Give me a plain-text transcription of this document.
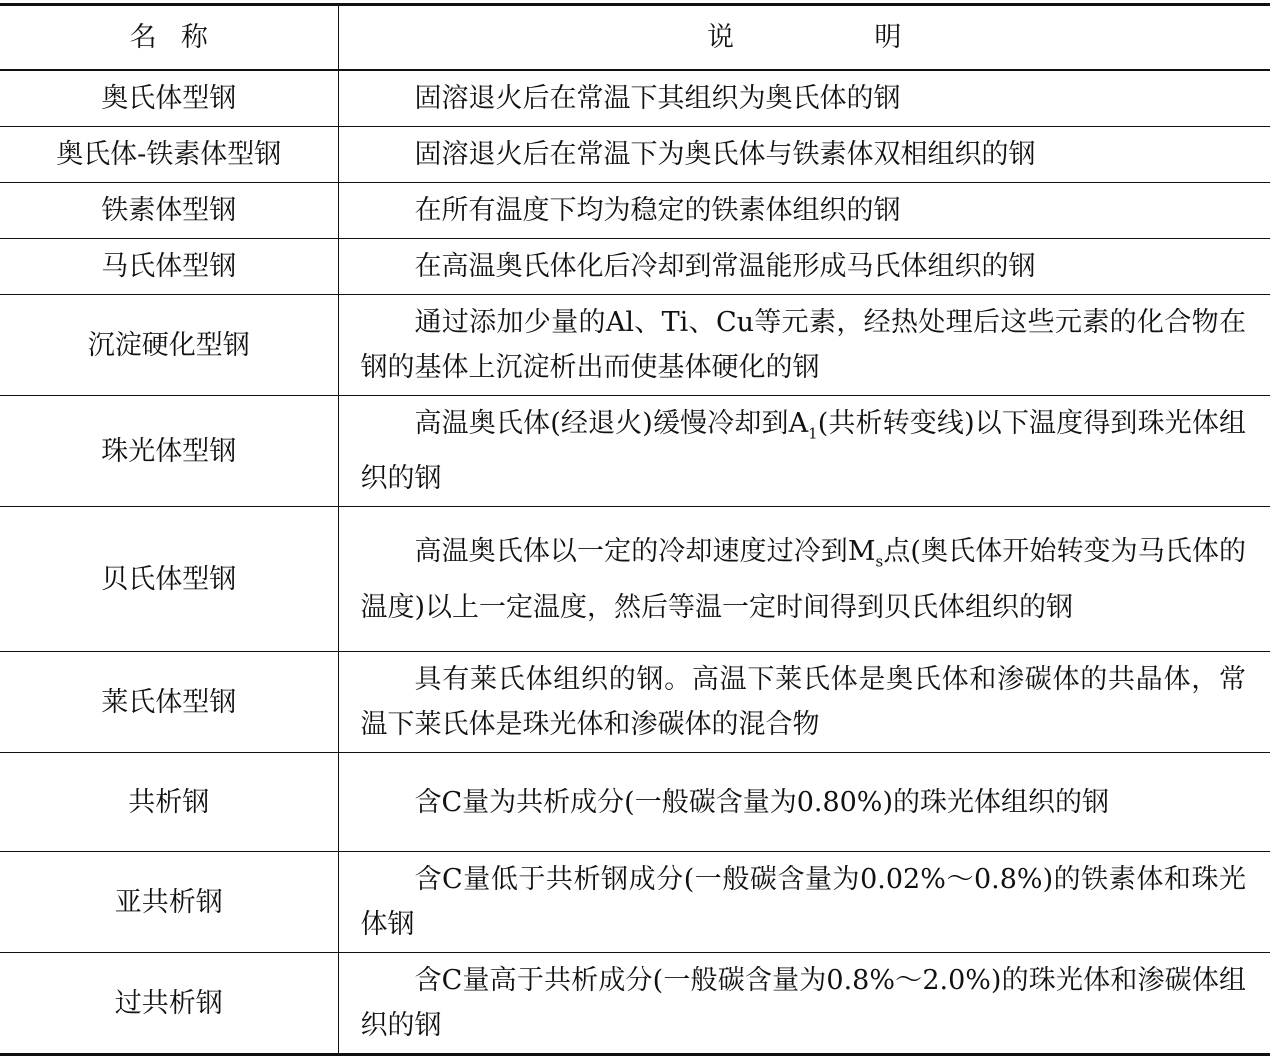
名称	说明
奥氏体型钢	固溶退火后在常温下其组织为奥氏体的钢
奥氏体-铁素体型钢	固溶退火后在常温下为奥氏体与铁素体双相组织的钢
铁素体型钢	在所有温度下均为稳定的铁素体组织的钢
马氏体型钢	在高温奥氏体化后冷却到常温能形成马氏体组织的钢
沉淀硬化型钢	通过添加少量的Al、Ti、Cu等元素，经热处理后这些元素的化合物在钢的基体上沉淀析出而使基体硬化的钢
珠光体型钢	高温奥氏体(经退火)缓慢冷却到$A_1$(共析转变线)以下温度得到珠光体组织的钢
贝氏体型钢	高温奥氏体以一定的冷却速度过冷到$M_s$点(奥氏体开始转变为马氏体的温度)以上一定温度，然后等温一定时间得到贝氏体组织的钢
莱氏体型钢	具有莱氏体组织的钢。高温下莱氏体是奥氏体和渗碳体的共晶体，常温下莱氏体是珠光体和渗碳体的混合物
共析钢	含C量为共析成分(一般碳含量为0.80%)的珠光体组织的钢
亚共析钢	含C量低于共析钢成分(一般碳含量为0.02%～0.8%)的铁素体和珠光体钢
过共析钢	含C量高于共析成分(一般碳含量为0.8%～2.0%)的珠光体和渗碳体组织的钢
